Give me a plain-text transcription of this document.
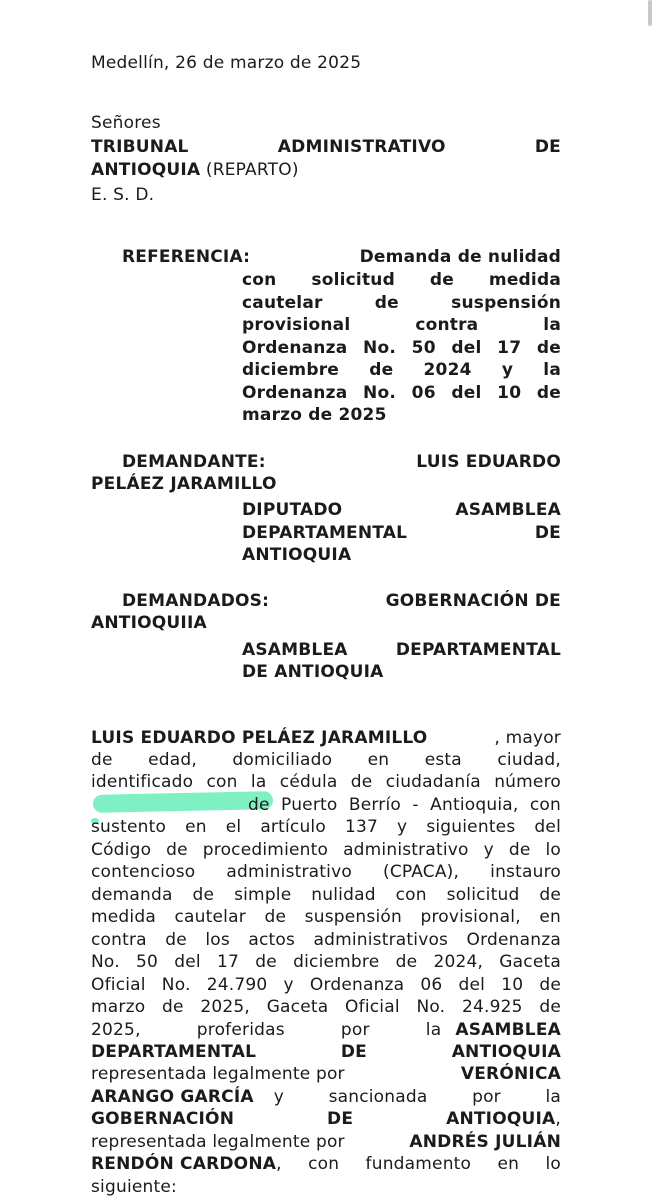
Medellín, 26 de marzo de 2025
Señores
TRIBUNAL	ADMINISTRATIVO	DE
ANTIOQUIA (REPARTO)
E. S. D.
REFERENCIA:	Demanda de nulidad
con solicitud de medida
cautelar de suspensión
provisional contra la
Ordenanza No. 50 del 17 de
diciembre de 2024 y la
Ordenanza No. 06 del 10 de
marzo de 2025
DEMANDANTE:	LUIS EDUARDO
PELÁEZ JARAMILLO
DIPUTADO ASAMBLEA
DEPARTAMENTAL DE
ANTIOQUIA
DEMANDADOS:	GOBERNACIÓN DE
ANTIOQUIIA
ASAMBLEA DEPARTAMENTAL
DE ANTIOQUIA
LUIS EDUARDO PELÁEZ JARAMILLO	, mayor
de edad, domiciliado en esta ciudad,
identificado con la cédula de ciudadanía número
de Puerto Berrío - Antioquia, con
sustento en el artículo 137 y siguientes del
Código de procedimiento administrativo y de lo
contencioso administrativo (CPACA), instauro
demanda de simple nulidad con solicitud de
medida cautelar de suspensión provisional, en
contra de los actos administrativos Ordenanza
No. 50 del 17 de diciembre de 2024, Gaceta
Oficial No. 24.790 y Ordenanza 06 del 10 de
marzo de 2025, Gaceta Oficial No. 24.925 de
2025, proferidas por la ASAMBLEA
DEPARTAMENTAL DE ANTIOQUIA
representada legalmente por	VERÓNICA
ARANGO GARCÍA y sancionada por la
GOBERNACIÓN DE ANTIOQUIA ,
representada legalmente por	ANDRÉS JULIÁN
RENDÓN CARDONA , con fundamento en lo
siguiente:
